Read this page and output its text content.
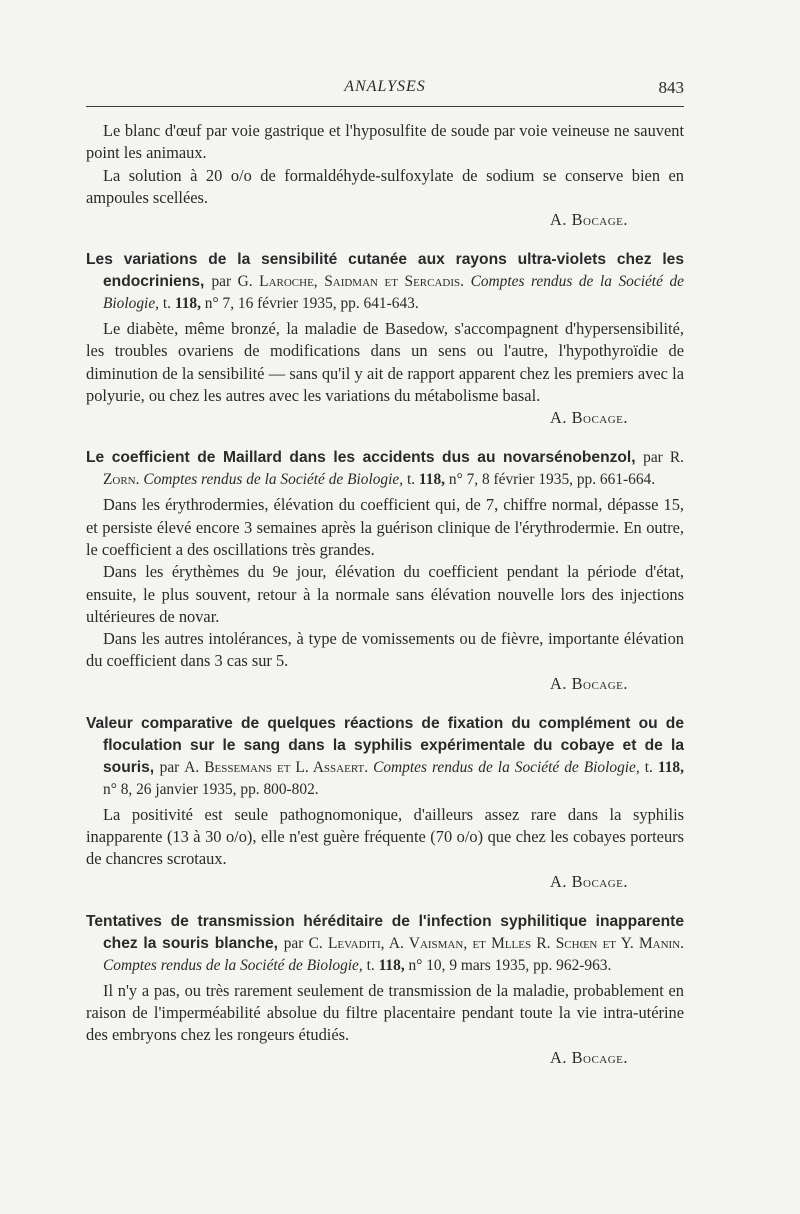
ANALYSES	843

Le blanc d'œuf par voie gastrique et l'hyposulfite de soude par voie veineuse ne sauvent point les animaux.

La solution à 20 o/o de formaldéhyde-sulfoxylate de sodium se conserve bien en ampoules scellées.

A. Bocage.
Les variations de la sensibilité cutanée aux rayons ultra-violets chez les endocriniens, par G. Laroche, Saidman et Sercadis. Comptes rendus de la Société de Biologie, t. 118, n° 7, 16 février 1935, pp. 641-643.

Le diabète, même bronzé, la maladie de Basedow, s'accompagnent d'hypersensibilité, les troubles ovariens de modifications dans un sens ou l'autre, l'hypothyroïdie de diminution de la sensibilité — sans qu'il y ait de rapport apparent chez les premiers avec la polyurie, ou chez les autres avec les variations du métabolisme basal.

A. Bocage.
Le coefficient de Maillard dans les accidents dus au novarsénobenzol, par R. Zorn. Comptes rendus de la Société de Biologie, t. 118, n° 7, 8 février 1935, pp. 661-664.

Dans les érythrodermies, élévation du coefficient qui, de 7, chiffre normal, dépasse 15, et persiste élevé encore 3 semaines après la guérison clinique de l'érythrodermie. En outre, le coefficient a des oscillations très grandes.

Dans les érythèmes du 9e jour, élévation du coefficient pendant la période d'état, ensuite, le plus souvent, retour à la normale sans élévation nouvelle lors des injections ultérieures de novar.

Dans les autres intolérances, à type de vomissements ou de fièvre, importante élévation du coefficient dans 3 cas sur 5.

A. Bocage.
Valeur comparative de quelques réactions de fixation du complément ou de floculation sur le sang dans la syphilis expérimentale du cobaye et de la souris, par A. Bessemans et L. Assaert. Comptes rendus de la Société de Biologie, t. 118, n° 8, 26 janvier 1935, pp. 800-802.

La positivité est seule pathognomonique, d'ailleurs assez rare dans la syphilis inapparente (13 à 30 o/o), elle n'est guère fréquente (70 o/o) que chez les cobayes porteurs de chancres scrotaux.

A. Bocage.
Tentatives de transmission héréditaire de l'infection syphilitique inapparente chez la souris blanche, par C. Levaditi, A. Vaisman, et Mlles R. Schœn et Y. Manin. Comptes rendus de la Société de Biologie, t. 118, n° 10, 9 mars 1935, pp. 962-963.

Il n'y a pas, ou très rarement seulement de transmission de la maladie, probablement en raison de l'imperméabilité absolue du filtre placentaire pendant toute la vie intra-utérine des embryons chez les rongeurs étudiés.

A. Bocage.
